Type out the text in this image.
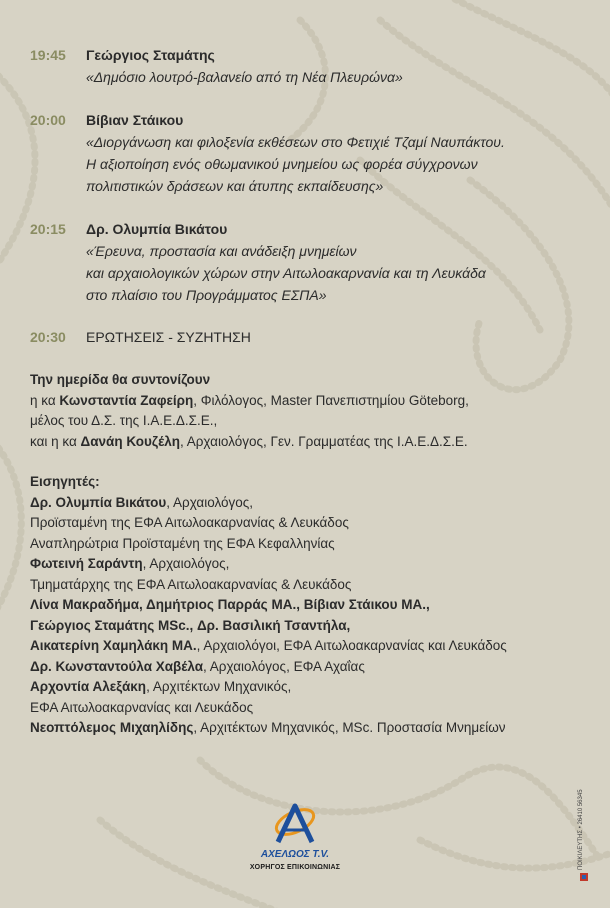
19:45	Γεώργιος Σταμάτης
«Δημόσιο λουτρό-βαλανείο από τη Νέα Πλευρώνα»
20:00	Βίβιαν Στάικου
«Διοργάνωση και φιλοξενία εκθέσεων στο Φετιχιέ Τζαμί Ναυπάκτου.
Η αξιοποίηση ενός οθωμανικού μνημείου ως φορέα σύγχρονων
πολιτιστικών δράσεων και άτυπης εκπαίδευσης»
20:15	Δρ. Ολυμπία Βικάτου
«Έρευνα, προστασία και ανάδειξη μνημείων
και αρχαιολογικών χώρων στην Αιτωλοακαρνανία και τη Λευκάδα
στο πλαίσιο του Προγράμματος ΕΣΠΑ»
20:30	ΕΡΩΤΗΣΕΙΣ - ΣΥΖΗΤΗΣΗ
Την ημερίδα θα συντονίζουν
η κα Κωνσταντία Ζαφείρη, Φιλόλογος, Master Πανεπιστημίου Göteborg,
μέλος του Δ.Σ. της Ι.Α.Ε.Δ.Σ.Ε.,
και η κα Δανάη Κουζέλη, Αρχαιολόγος, Γεν. Γραμματέας της Ι.Α.Ε.Δ.Σ.Ε.
Εισηγητές:
Δρ. Ολυμπία Βικάτου, Αρχαιολόγος,
Προϊσταμένη της ΕΦΑ Αιτωλοακαρνανίας & Λευκάδος
Αναπληρώτρια Προϊσταμένη της ΕΦΑ Κεφαλληνίας
Φωτεινή Σαράντη, Αρχαιολόγος,
Τμηματάρχης της ΕΦΑ Αιτωλοακαρνανίας & Λευκάδος
Λίνα Μακραδήμα, Δημήτριος Παρράς ΜΑ., Βίβιαν Στάικου ΜΑ.,
Γεώργιος Σταμάτης MSc., Δρ. Βασιλική Τσαντήλα,
Αικατερίνη Χαμηλάκη ΜΑ., Αρχαιολόγοι, ΕΦΑ Αιτωλοακαρνανίας και Λευκάδος
Δρ. Κωνσταντούλα Χαβέλα, Αρχαιολόγος, ΕΦΑ Αχαΐας
Αρχοντία Αλεξάκη, Αρχιτέκτων Μηχανικός,
ΕΦΑ Αιτωλοακαρνανίας και Λευκάδος
Νεοπτόλεμος Μιχαηλίδης, Αρχιτέκτων Μηχανικός, MSc. Προστασία Μνημείων
ΑΧΕΛΩΟΣ Τ.V.
ΧΟΡΗΓΟΣ ΕΠΙΚΟΙΝΩΝΙΑΣ	ΠΟΙΚΙΛΕΥΤΗΣ • 26410 56345
